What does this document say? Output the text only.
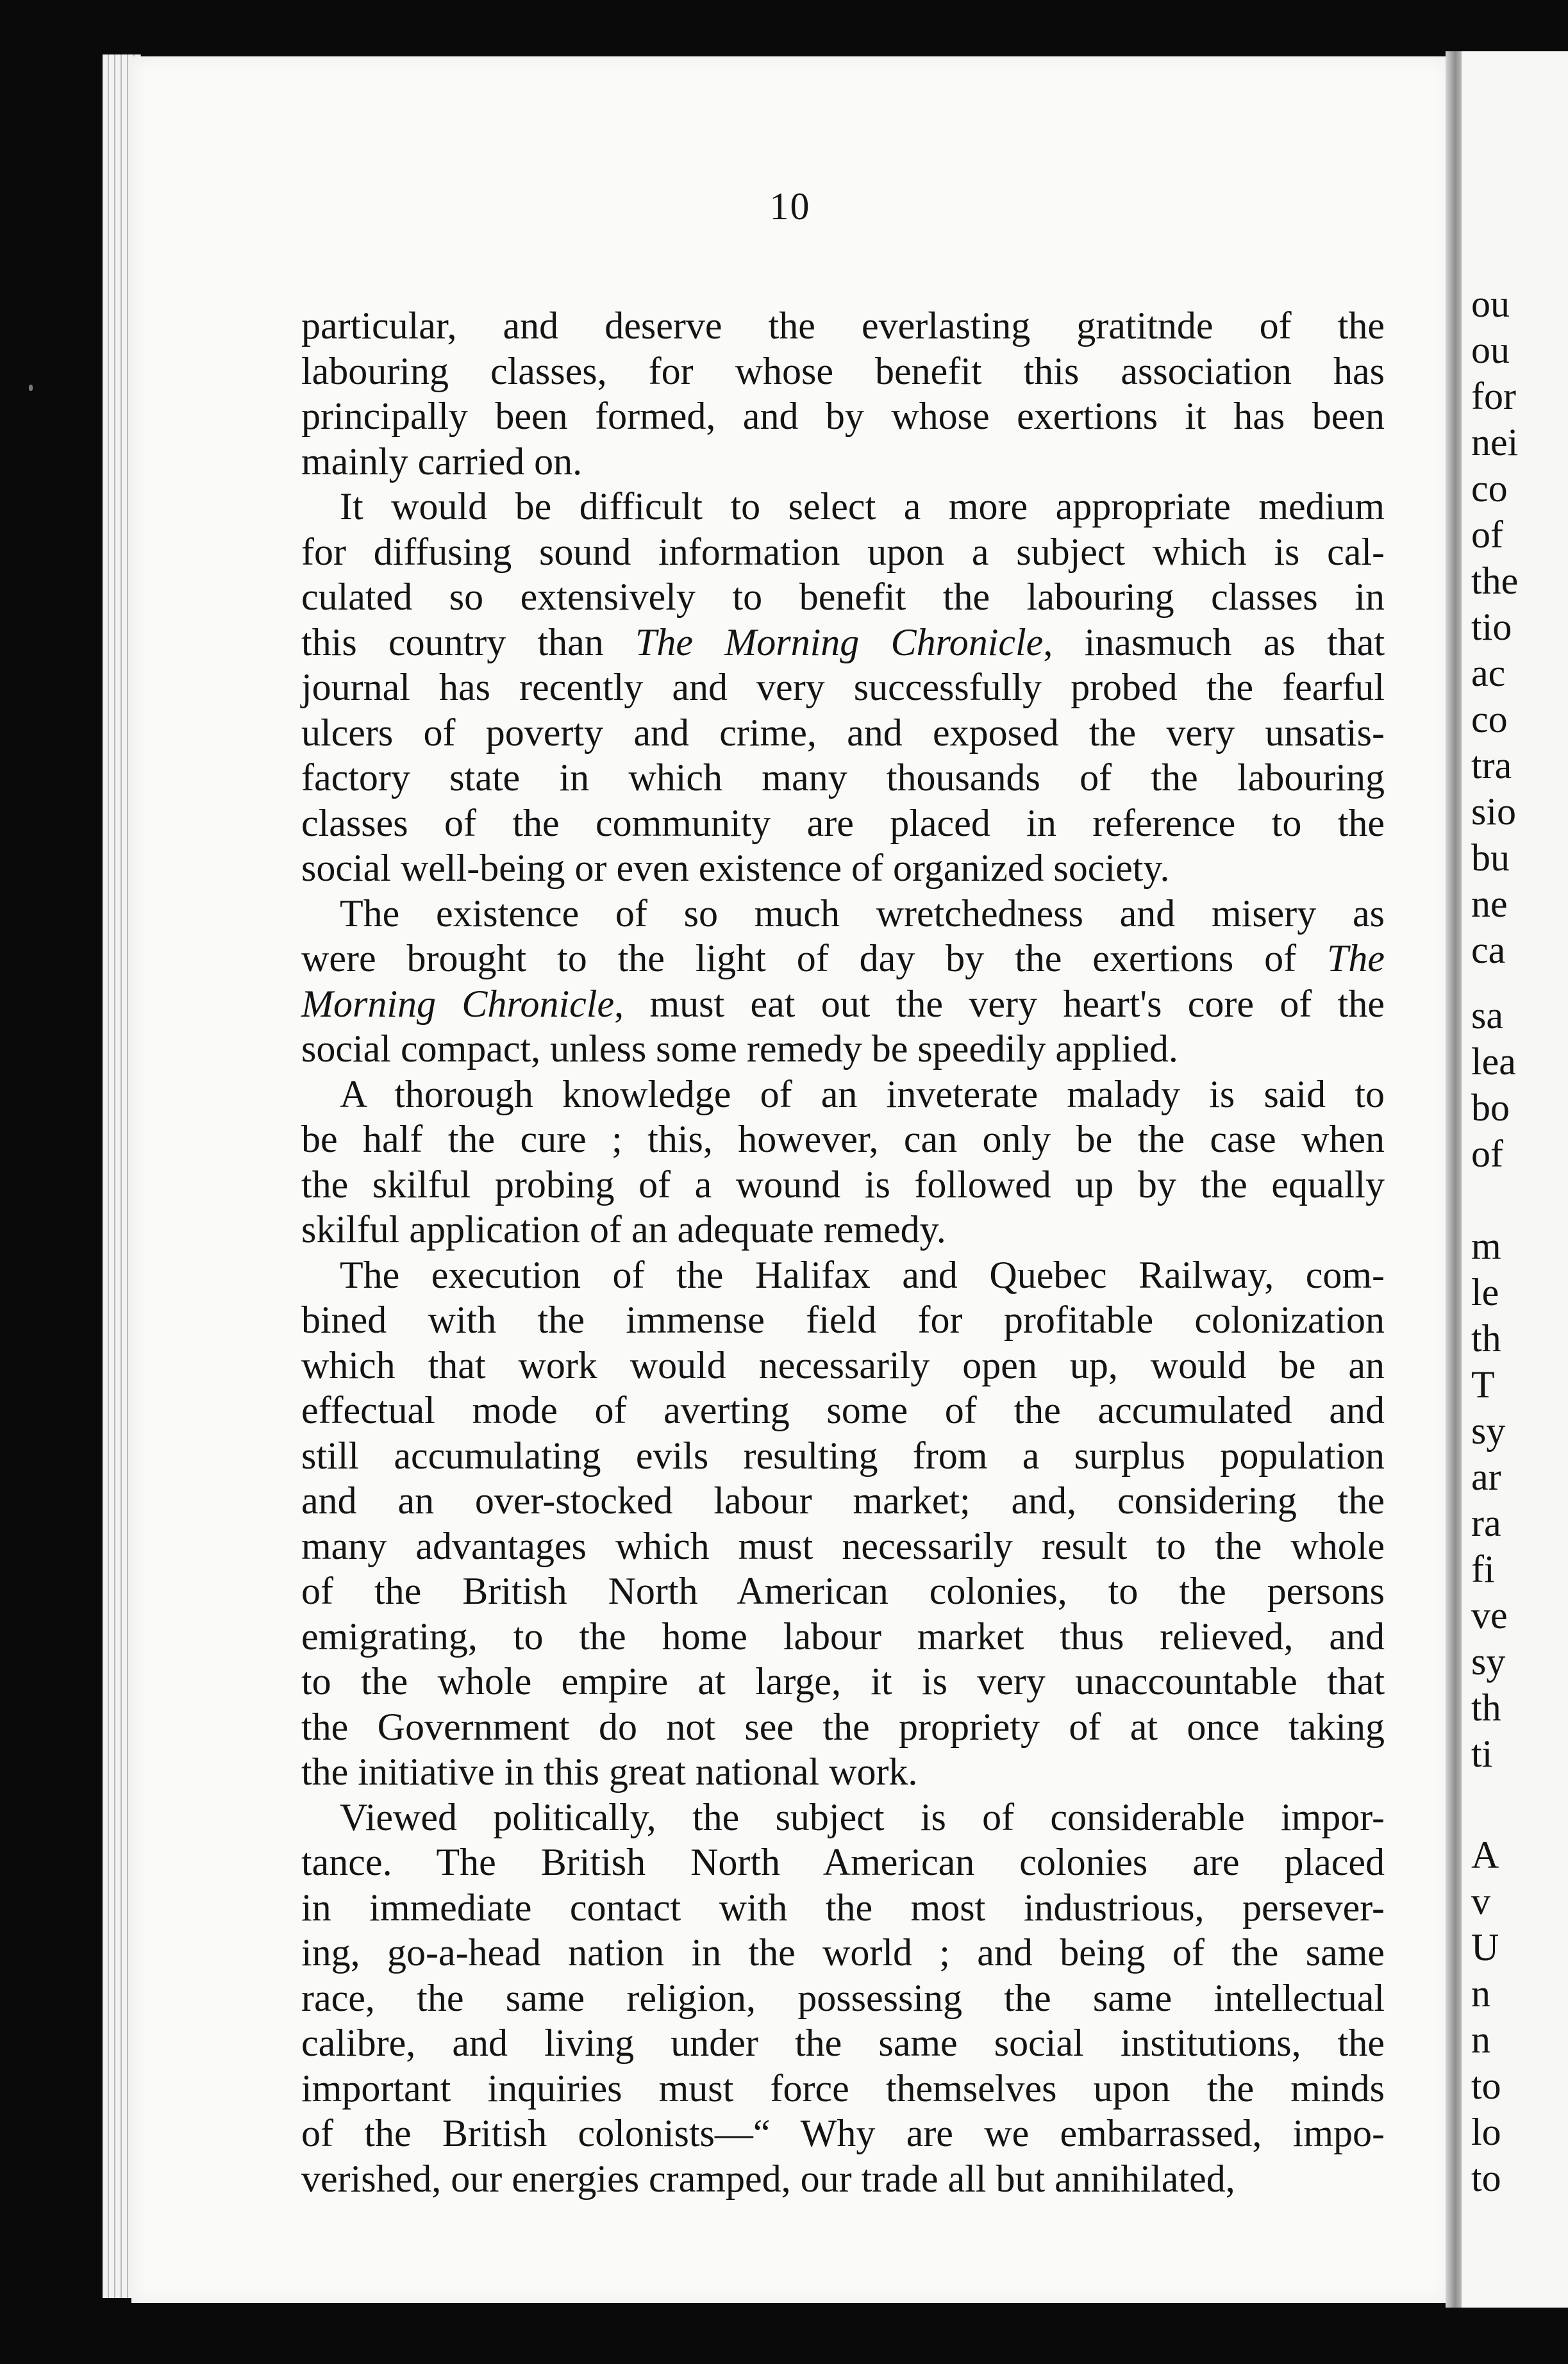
10

particular, and deserve the everlasting gratitnde of the
labouring classes, for whose benefit this association has
principally been formed, and by whose exertions it has been
mainly carried on.

It would be difficult to select a more appropriate medium
for diffusing sound information upon a subject which is cal-
culated so extensively to benefit the labouring classes in
this country than The Morning Chronicle, inasmuch as that
journal has recently and very successfully probed the fearful
ulcers of poverty and crime, and exposed the very unsatis-
factory state in which many thousands of the labouring
classes of the community are placed in reference to the
social well-being or even existence of organized society.

The existence of so much wretchedness and misery as
were brought to the light of day by the exertions of The
Morning Chronicle, must eat out the very heart's core of the
social compact, unless some remedy be speedily applied.

A thorough knowledge of an inveterate malady is said to
be half the cure ; this, however, can only be the case when
the skilful probing of a wound is followed up by the equally
skilful application of an adequate remedy.

The execution of the Halifax and Quebec Railway, com-
bined with the immense field for profitable colonization
which that work would necessarily open up, would be an
effectual mode of averting some of the accumulated and
still accumulating evils resulting from a surplus population
and an over-stocked labour market; and, considering the
many advantages which must necessarily result to the whole
of the British North American colonies, to the persons
emigrating, to the home labour market thus relieved, and
to the whole empire at large, it is very unaccountable that
the Government do not see the propriety of at once taking
the initiative in this great national work.

Viewed politically, the subject is of considerable impor-
tance. The British North American colonies are placed
in immediate contact with the most industrious, persever-
ing, go-a-head nation in the world ; and being of the same
race, the same religion, possessing the same intellectual
calibre, and living under the same social institutions, the
important inquiries must force themselves upon the minds
of the British colonists—“ Why are we embarrassed, impo-
verished, our energies cramped, our trade all but annihilated,

ou
ou
for
nei
co
of
the
tio
ac
co
tra
sio
bu
ne
ca
sa
lea
bo
of
m
le
th
T
sy
ar
ra
fi
ve
sy
th
ti
A
v
U
n
n
to
lo
to
